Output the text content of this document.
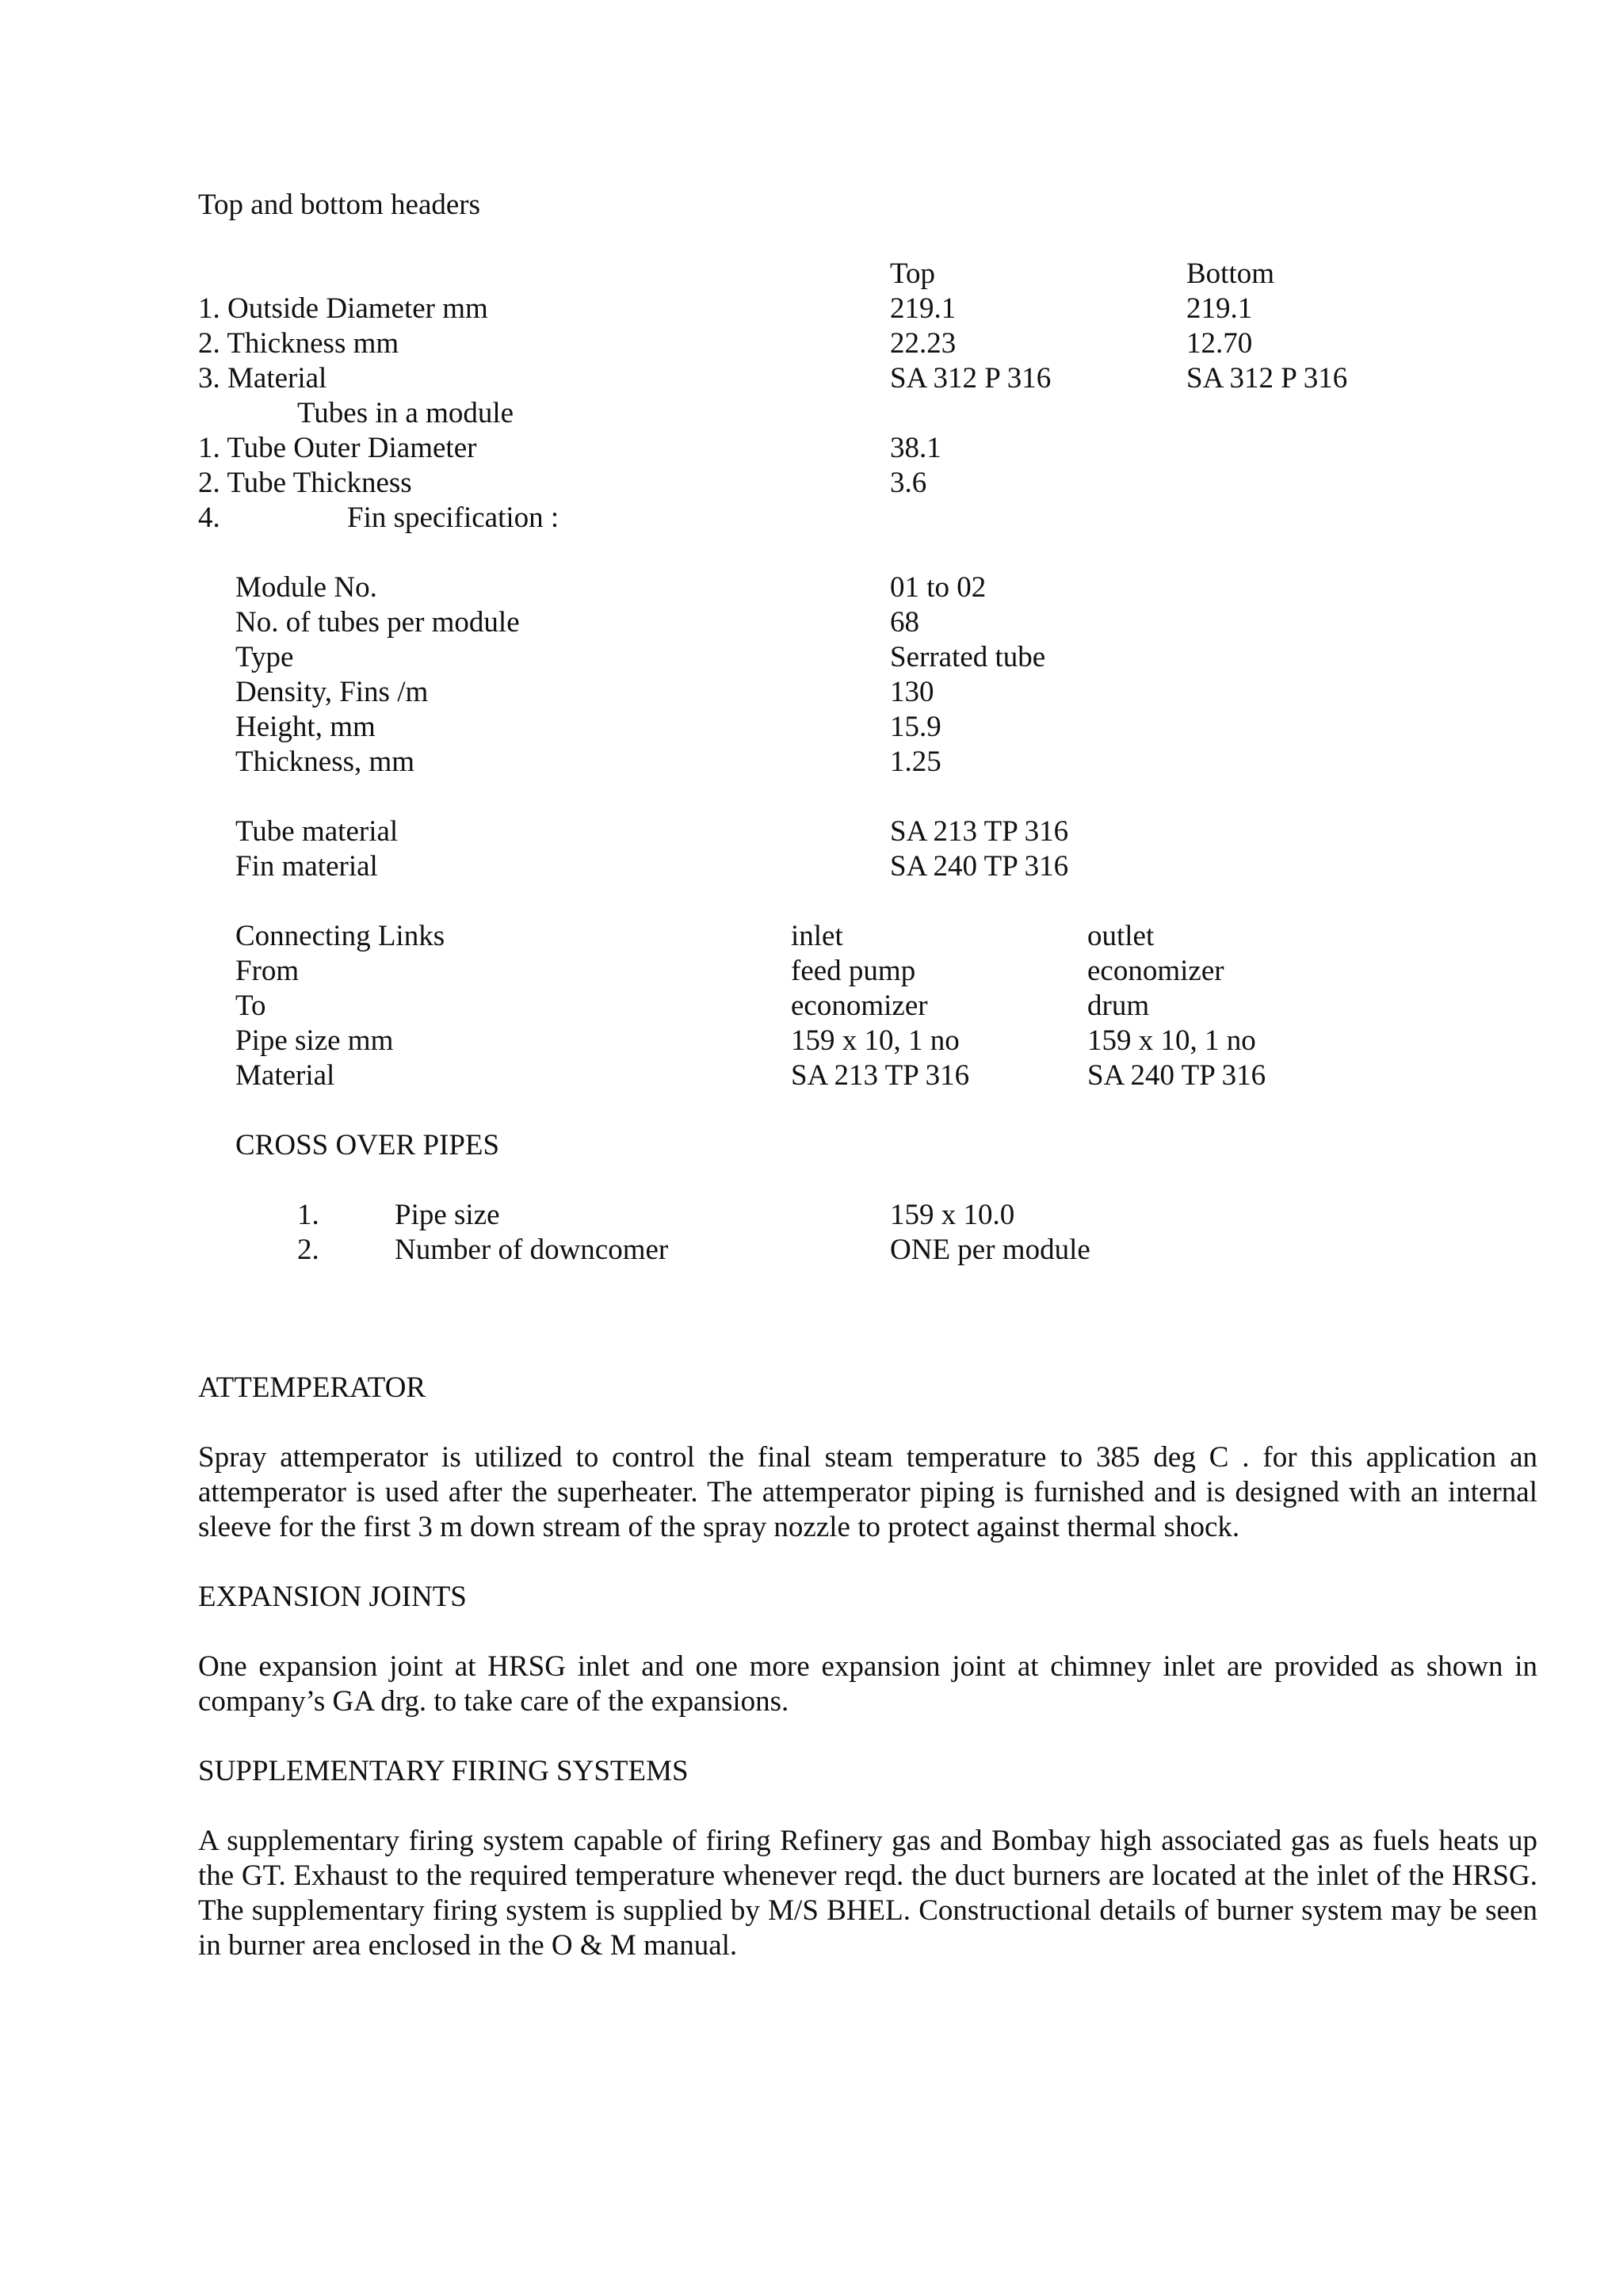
Top and bottom headers
Top	Bottom
1. Outside Diameter mm	219.1	219.1
2. Thickness mm	22.23	12.70
3. Material	SA 312 P 316	SA 312 P 316
Tubes in a module
1. Tube Outer Diameter	38.1
2. Tube Thickness	3.6
4.	Fin specification :
Module No.	01 to 02
No. of tubes per module	68
Type	Serrated tube
Density, Fins /m	130
Height, mm	15.9
Thickness, mm	1.25
Tube material	SA 213 TP 316
Fin material	SA 240 TP 316
Connecting Links	inlet	outlet
From	feed pump	economizer
To	economizer	drum
Pipe size mm	159 x 10, 1 no	159 x 10, 1 no
Material	SA 213 TP 316	SA 240 TP 316
CROSS OVER PIPES
1.	Pipe size	159 x 10.0
2.	Number of downcomer	ONE per module
ATTEMPERATOR
Spray attemperator is utilized to control the final steam temperature to 385 deg C . for this application an attemperator is used after the superheater. The attemperator piping is furnished and is designed with an internal sleeve for the first 3 m down stream of the spray nozzle to protect against thermal shock.
EXPANSION JOINTS
One expansion joint at HRSG inlet and one more expansion joint at chimney inlet are provided as shown in company’s GA drg. to take care of the expansions.
SUPPLEMENTARY FIRING SYSTEMS
A supplementary firing system capable of firing Refinery gas and Bombay high associated gas as fuels heats up the GT. Exhaust to the required temperature whenever reqd. the duct burners are located at the inlet of the HRSG. The supplementary firing system is supplied by M/S BHEL. Constructional details of burner system may be seen in burner area enclosed in the O & M manual.
